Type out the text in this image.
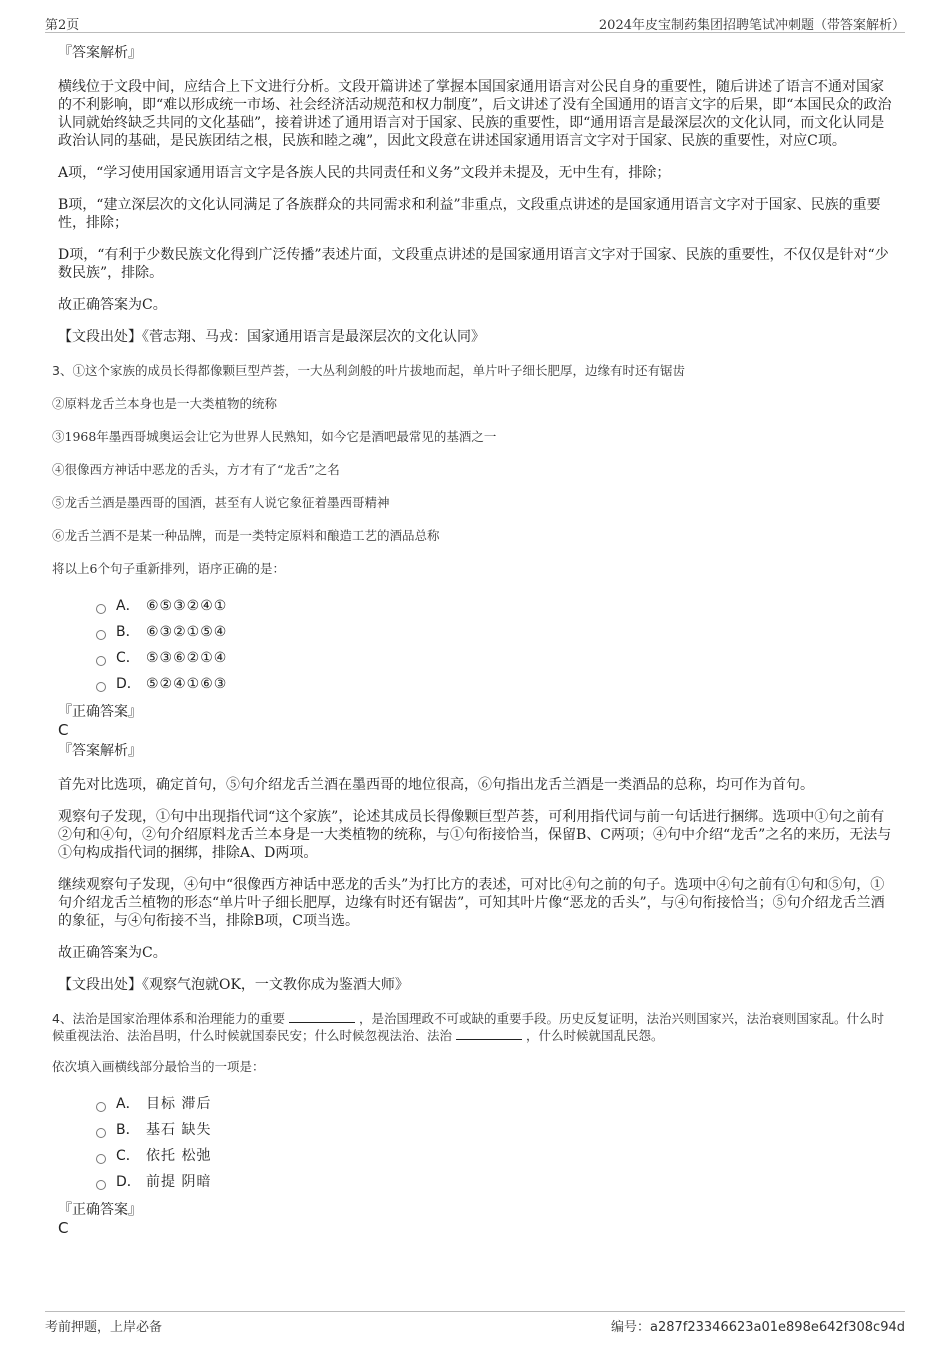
第2页	2024年皮宝制药集团招聘笔试冲刺题（带答案解析）
『答案解析』

横线位于文段中间，应结合上下文进行分析。文段开篇讲述了掌握本国国家通用语言对公民自身的重要性，随后讲述了语言不通对国家的不利影响，即“难以形成统一市场、社会经济活动规范和权力制度”，后文讲述了没有全国通用的语言文字的后果，即“本国民众的政治认同就始终缺乏共同的文化基础”，接着讲述了通用语言对于国家、民族的重要性，即“通用语言是最深层次的文化认同，而文化认同是政治认同的基础，是民族团结之根，民族和睦之魂”，因此文段意在讲述国家通用语言文字对于国家、民族的重要性，对应C项。

A项，“学习使用国家通用语言文字是各族人民的共同责任和义务”文段并未提及，无中生有，排除；

B项，“建立深层次的文化认同满足了各族群众的共同需求和利益”非重点，文段重点讲述的是国家通用语言文字对于国家、民族的重要性，排除；

D项，“有利于少数民族文化得到广泛传播”表述片面，文段重点讲述的是国家通用语言文字对于国家、民族的重要性，不仅仅是针对“少数民族”，排除。

故正确答案为C。

【文段出处】《菅志翔、马戎：国家通用语言是最深层次的文化认同》

3、①这个家族的成员长得都像颗巨型芦荟，一大丛利剑般的叶片拔地而起，单片叶子细长肥厚，边缘有时还有锯齿
②原料龙舌兰本身也是一大类植物的统称
③1968年墨西哥城奥运会让它为世界人民熟知，如今它是酒吧最常见的基酒之一
④很像西方神话中恶龙的舌头，方才有了“龙舌”之名
⑤龙舌兰酒是墨西哥的国酒，甚至有人说它象征着墨西哥精神
⑥龙舌兰酒不是某一种品牌，而是一类特定原料和酿造工艺的酒品总称
将以上6个句子重新排列，语序正确的是：
A． ⑥⑤③②④①
B． ⑥③②①⑤④
C． ⑤③⑥②①④
D． ⑤②④①⑥③
『正确答案』
C
『答案解析』

首先对比选项，确定首句，⑤句介绍龙舌兰酒在墨西哥的地位很高，⑥句指出龙舌兰酒是一类酒品的总称，均可作为首句。

观察句子发现，①句中出现指代词“这个家族”，论述其成员长得像颗巨型芦荟，可利用指代词与前一句话进行捆绑。选项中①句之前有②句和④句，②句介绍原料龙舌兰本身是一大类植物的统称，与①句衔接恰当，保留B、C两项；④句中介绍“龙舌”之名的来历，无法与①句构成指代词的捆绑，排除A、D两项。

继续观察句子发现，④句中“很像西方神话中恶龙的舌头”为打比方的表述，可对比④句之前的句子。选项中④句之前有①句和⑤句，①句介绍龙舌兰植物的形态“单片叶子细长肥厚，边缘有时还有锯齿”，可知其叶片像“恶龙的舌头”，与④句衔接恰当；⑤句介绍龙舌兰酒的象征，与④句衔接不当，排除B项，C项当选。

故正确答案为C。

【文段出处】《观察气泡就OK，一文教你成为鉴酒大师》

4、法治是国家治理体系和治理能力的重要	，是治国理政不可或缺的重要手段。历史反复证明，法治兴则国家兴，法治衰则国家乱。什么时候重视法治、法治昌明，什么时候就国泰民安；什么时候忽视法治、法治	，什么时候就国乱民怨。
依次填入画横线部分最恰当的一项是：
A． 目标 滞后
B． 基石 缺失
C． 依托 松弛
D． 前提 阴暗
『正确答案』
C
考前押题，上岸必备	编号：a287f23346623a01e898e642f308c94d
